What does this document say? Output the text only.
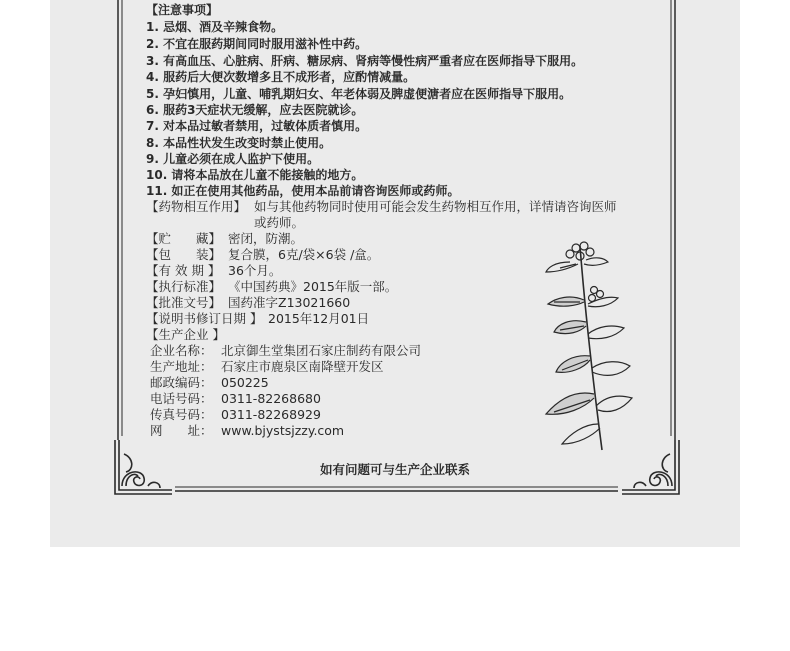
【注意事项】
1. 忌烟、酒及辛辣食物。
2. 不宜在服药期间同时服用滋补性中药。
3. 有高血压、心脏病、肝病、糖尿病、肾病等慢性病严重者应在医师指导下服用。
4. 服药后大便次数增多且不成形者，应酌情减量。
5. 孕妇慎用，儿童、哺乳期妇女、年老体弱及脾虚便溏者应在医师指导下服用。
6. 服药3天症状无缓解，应去医院就诊。
7. 对本品过敏者禁用，过敏体质者慎用。
8. 本品性状发生改变时禁止使用。
9. 儿童必须在成人监护下使用。
10. 请将本品放在儿童不能接触的地方。
11. 如正在使用其他药品，使用本品前请咨询医师或药师。
【药物相互作用】 如与其他药物同时使用可能会发生药物相互作用，详情请咨询医师
或药师。
【贮　　藏】 密闭，防潮。
【包　　装】 复合膜，6克/袋×6袋 /盒。
【有 效 期 】 36个月。
【执行标准】 《中国药典》2015年版一部。
【批准文号】 国药准字Z13021660
【说明书修订日期 】 2015年12月01日
【生产企业 】
企业名称： 北京御生堂集团石家庄制药有限公司
生产地址： 石家庄市鹿泉区南降壁开发区
邮政编码： 050225
电话号码： 0311-82268680
传真号码： 0311-82268929
网　　址： www.bjystsjzzy.com
如有问题可与生产企业联系
